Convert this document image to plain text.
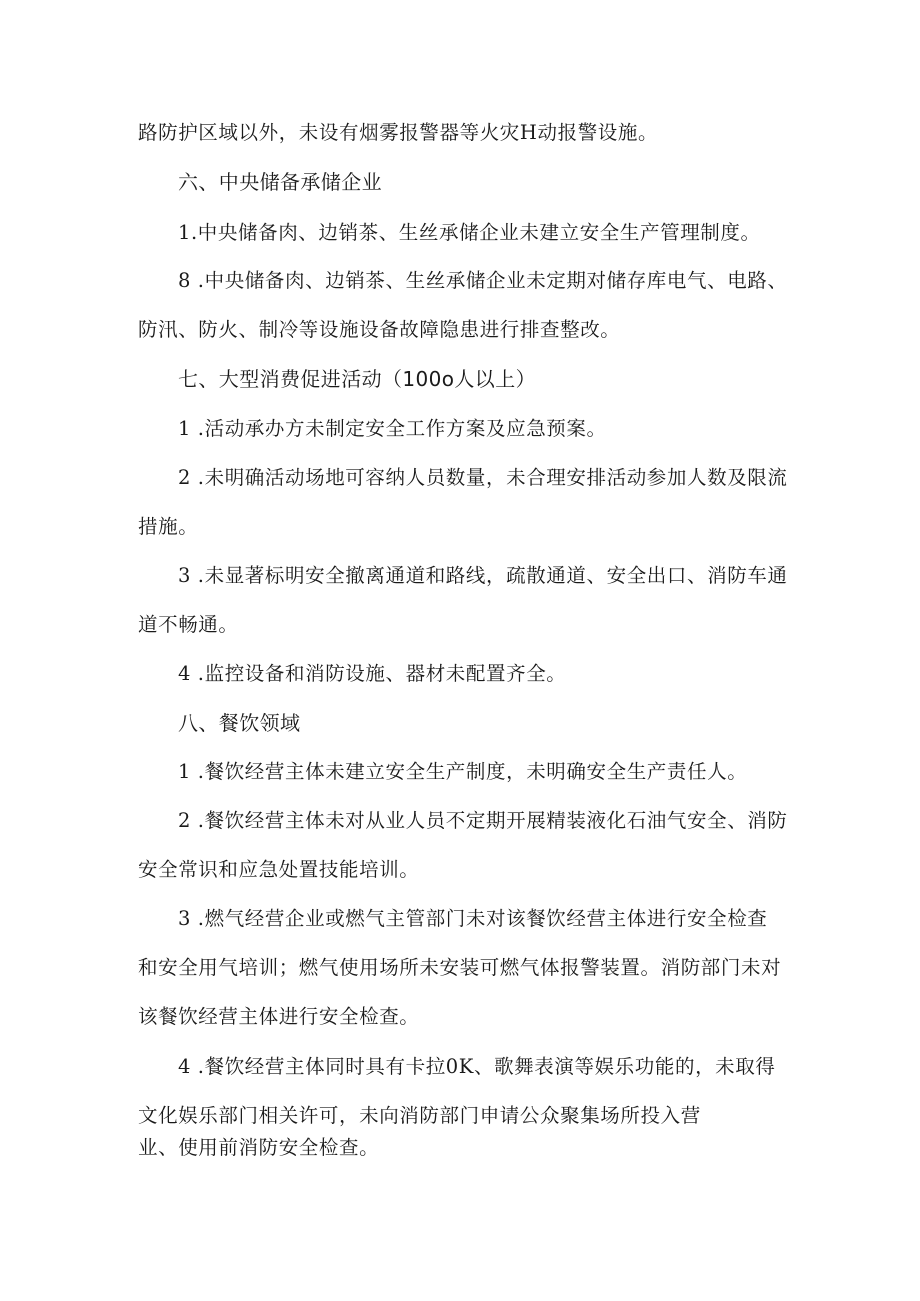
路防护区域以外，未设有烟雾报警器等火灾H动报警设施。
六、中央储备承储企业
1.中央储备肉、边销茶、生丝承储企业未建立安全生产管理制度。
8 .中央储备肉、边销茶、生丝承储企业未定期对储存库电气、电路、
防汛、防火、制冷等设施设备故障隐患进行排查整改。
七、大型消费促进活动（100o人以上）
1 .活动承办方未制定安全工作方案及应急预案。
2 .未明确活动场地可容纳人员数量，未合理安排活动参加人数及限流
措施。
3 .未显著标明安全撤离通道和路线，疏散通道、安全出口、消防车通
道不畅通。
4 .监控设备和消防设施、器材未配置齐全。
八、餐饮领域
1 .餐饮经营主体未建立安全生产制度，未明确安全生产责任人。
2 .餐饮经营主体未对从业人员不定期开展精装液化石油气安全、消防
安全常识和应急处置技能培训。
3 .燃气经营企业或燃气主管部门未对该餐饮经营主体进行安全检查
和安全用气培训；燃气使用场所未安装可燃气体报警装置。消防部门未对
该餐饮经营主体进行安全检查。
4 .餐饮经营主体同时具有卡拉0K、歌舞表演等娱乐功能的，未取得
文化娱乐部门相关许可，未向消防部门申请公众聚集场所投入营
业、使用前消防安全检查。
